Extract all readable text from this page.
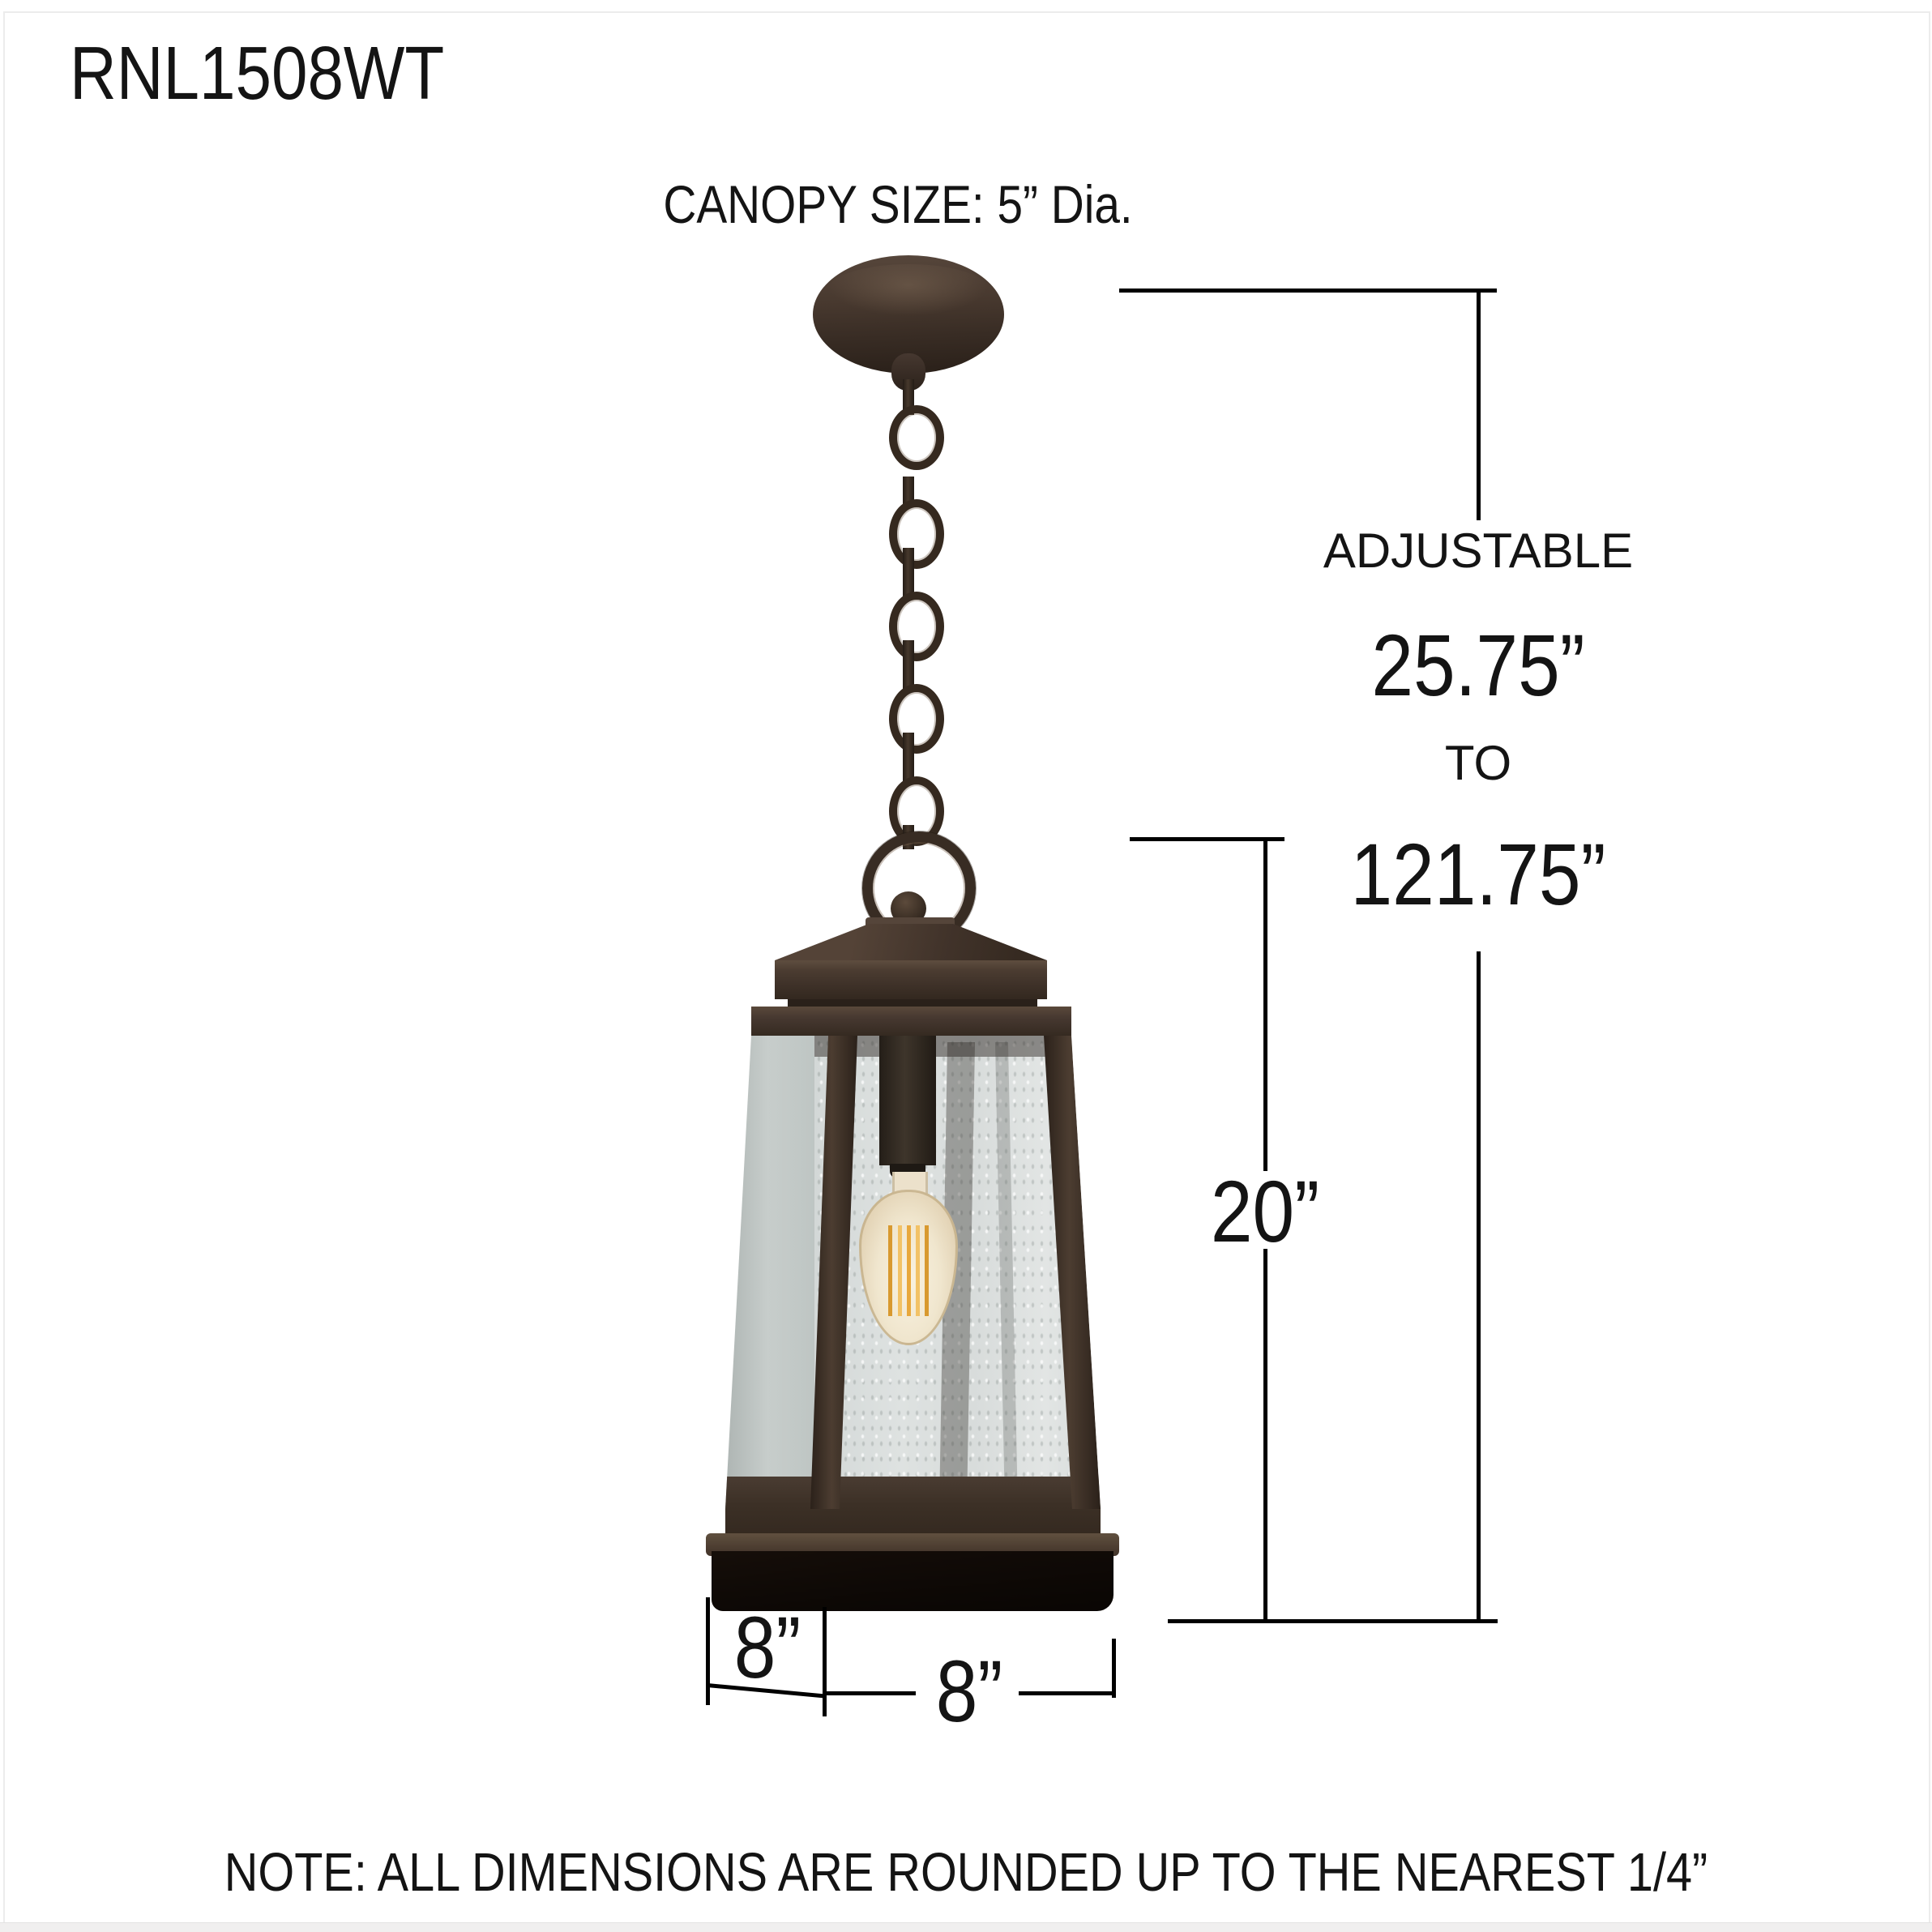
RNL1508WT
CANOPY SIZE: 5” Dia.
ADJUSTABLE
25.75”
TO
121.75”
20”
8” 8”
NOTE: ALL DIMENSIONS ARE ROUNDED UP TO THE NEAREST 1/4”
